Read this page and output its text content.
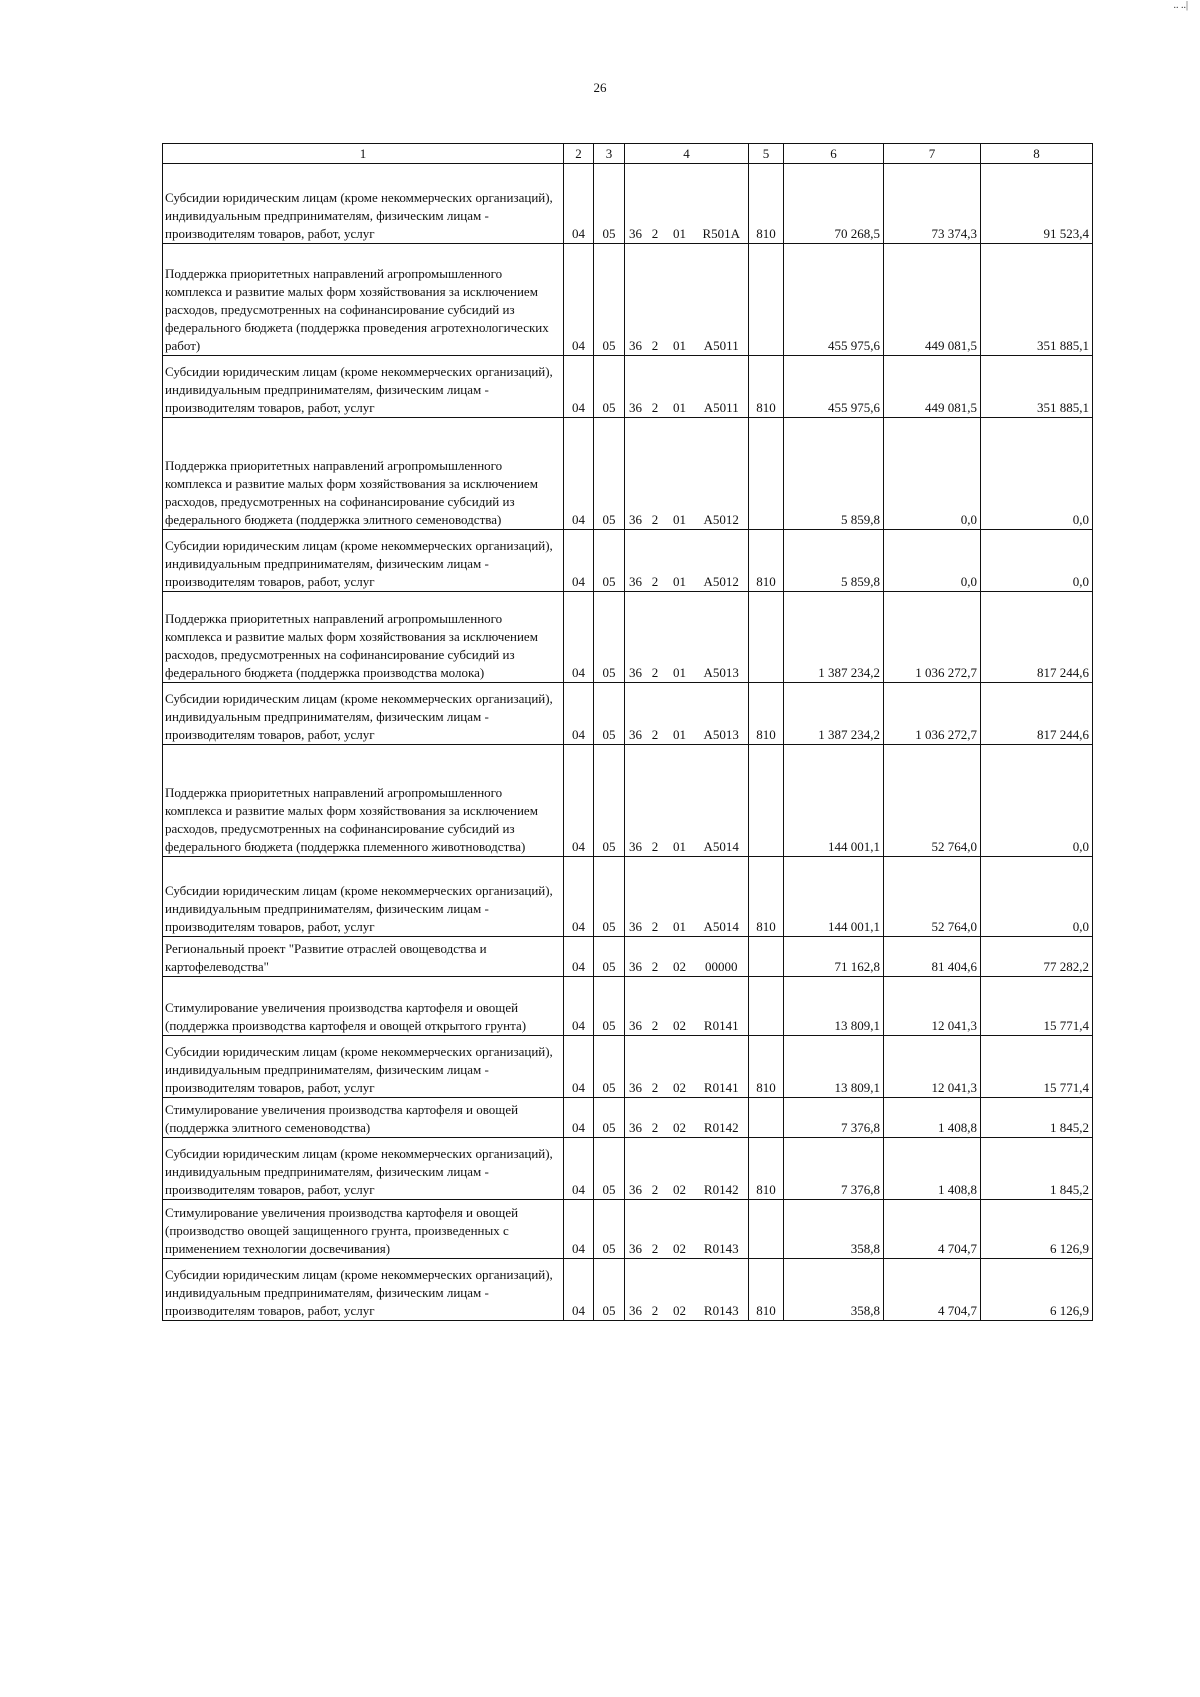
.. ..|
26
1	2	3	4				5	6	7	8
Субсидии юридическим лицам (кроме некоммерческих организаций), индивидуальным предпринимателям, физическим лицам - производителям товаров, работ, услуг	04	05	36	2	01	R501A	810	70 268,5	73 374,3	91 523,4
Поддержка приоритетных направлений агропромышленного комплекса и развитие малых форм хозяйствования за исключением расходов, предусмотренных на софинансирование субсидий из федерального бюджета (поддержка проведения агротехнологических работ)	04	05	36	2	01	A5011		455 975,6	449 081,5	351 885,1
Субсидии юридическим лицам (кроме некоммерческих организаций), индивидуальным предпринимателям, физическим лицам - производителям товаров, работ, услуг	04	05	36	2	01	A5011	810	455 975,6	449 081,5	351 885,1
Поддержка приоритетных направлений агропромышленного комплекса и развитие малых форм хозяйствования за исключением расходов, предусмотренных на софинансирование субсидий из федерального бюджета (поддержка элитного семеноводства)	04	05	36	2	01	A5012		5 859,8	0,0	0,0
Субсидии юридическим лицам (кроме некоммерческих организаций), индивидуальным предпринимателям, физическим лицам - производителям товаров, работ, услуг	04	05	36	2	01	A5012	810	5 859,8	0,0	0,0
Поддержка приоритетных направлений агропромышленного комплекса и развитие малых форм хозяйствования за исключением расходов, предусмотренных на софинансирование субсидий из федерального бюджета (поддержка производства молока)	04	05	36	2	01	A5013		1 387 234,2	1 036 272,7	817 244,6
Субсидии юридическим лицам (кроме некоммерческих организаций), индивидуальным предпринимателям, физическим лицам - производителям товаров, работ, услуг	04	05	36	2	01	A5013	810	1 387 234,2	1 036 272,7	817 244,6
Поддержка приоритетных направлений агропромышленного комплекса и развитие малых форм хозяйствования за исключением расходов, предусмотренных на софинансирование субсидий из федерального бюджета (поддержка племенного животноводства)	04	05	36	2	01	A5014		144 001,1	52 764,0	0,0
Субсидии юридическим лицам (кроме некоммерческих организаций), индивидуальным предпринимателям, физическим лицам - производителям товаров, работ, услуг	04	05	36	2	01	A5014	810	144 001,1	52 764,0	0,0
Региональный проект "Развитие отраслей овощеводства и картофелеводства"	04	05	36	2	02	00000		71 162,8	81 404,6	77 282,2
Стимулирование увеличения производства картофеля и овощей (поддержка производства картофеля и овощей открытого грунта)	04	05	36	2	02	R0141		13 809,1	12 041,3	15 771,4
Субсидии юридическим лицам (кроме некоммерческих организаций), индивидуальным предпринимателям, физическим лицам - производителям товаров, работ, услуг	04	05	36	2	02	R0141	810	13 809,1	12 041,3	15 771,4
Стимулирование увеличения производства картофеля и овощей (поддержка элитного семеноводства)	04	05	36	2	02	R0142		7 376,8	1 408,8	1 845,2
Субсидии юридическим лицам (кроме некоммерческих организаций), индивидуальным предпринимателям, физическим лицам - производителям товаров, работ, услуг	04	05	36	2	02	R0142	810	7 376,8	1 408,8	1 845,2
Стимулирование увеличения производства картофеля и овощей (производство овощей защищенного грунта, произведенных с применением технологии досвечивания)	04	05	36	2	02	R0143		358,8	4 704,7	6 126,9
Субсидии юридическим лицам (кроме некоммерческих организаций), индивидуальным предпринимателям, физическим лицам - производителям товаров, работ, услуг	04	05	36	2	02	R0143	810	358,8	4 704,7	6 126,9
